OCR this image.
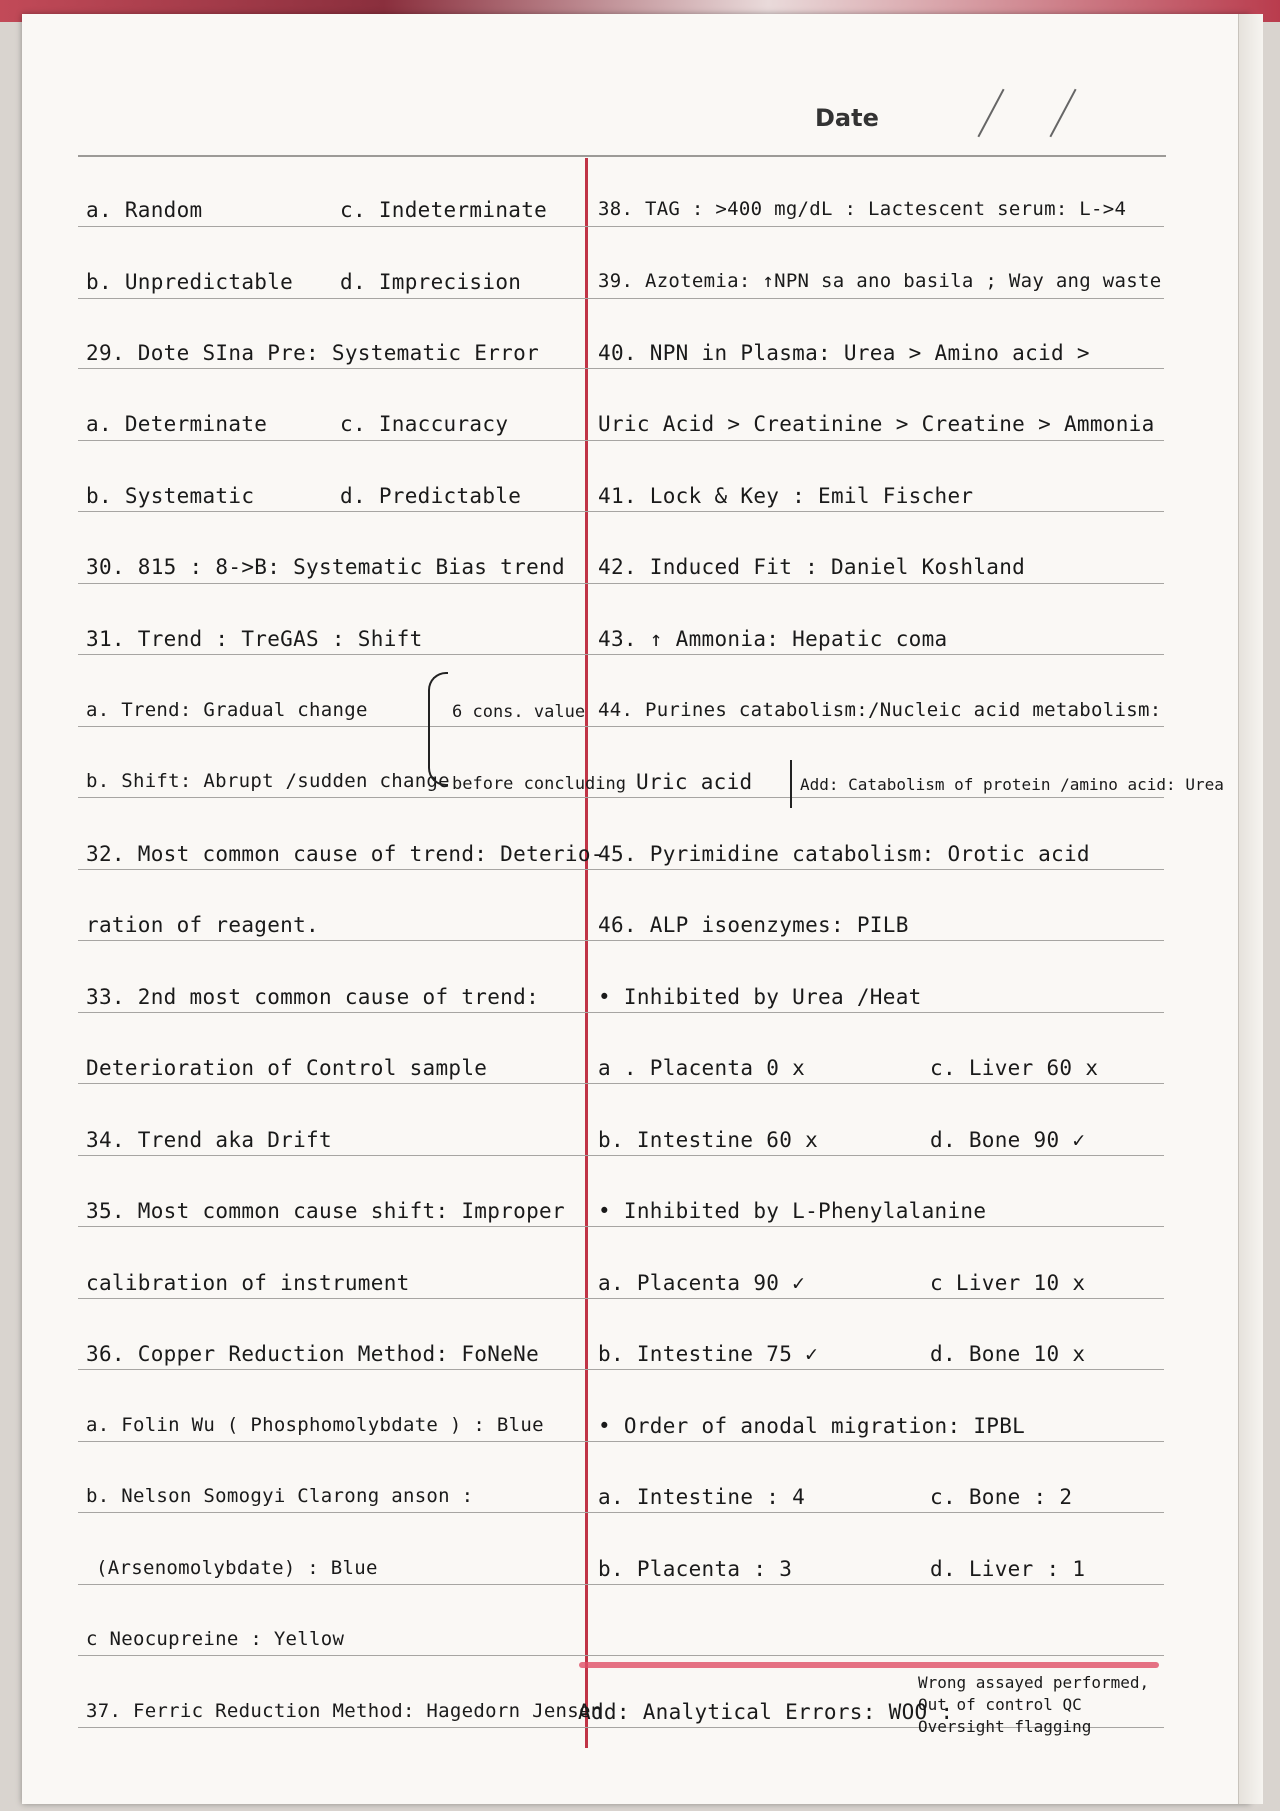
Date
a. Random	c. Indeterminate
b. Unpredictable d. Imprecision
29. Dote SIna Pre: Systematic Error
a. Determinate	c. Inaccuracy
b. Systematic	d. Predictable
30. 815 : 8->B: Systematic Bias trend
31. Trend : TreGAS : Shift
a. Trend: Gradual change
b. Shift: Abrupt /sudden change
32. Most common cause of trend: Deterio-
ration of reagent.
33. 2nd most common cause of trend:
Deterioration of Control sample
34. Trend aka Drift
35. Most common cause shift: Improper
calibration of instrument
36. Copper Reduction Method: FoNeNe
a. Folin Wu ( Phosphomolybdate ) : Blue
b. Nelson Somogyi Clarong anson :
(Arsenomolybdate) : Blue
c Neocupreine : Yellow
37. Ferric Reduction Method: Hagedorn Jensen
6 cons. value
before concluding
38. TAG : >400 mg/dL : Lactescent serum: L->4
39. Azotemia: ↑NPN sa ano basila ; Way ang waste
40. NPN in Plasma: Urea > Amino acid >
Uric Acid > Creatinine > Creatine > Ammonia
41. Lock & Key : Emil Fischer
42. Induced Fit : Daniel Koshland
43. ↑ Ammonia: Hepatic coma
44. Purines catabolism:/Nucleic acid metabolism:
Uric acid	Add: Catabolism of protein /amino acid: Urea
45. Pyrimidine catabolism: Orotic acid
46. ALP isoenzymes: PILB
• Inhibited by Urea /Heat
a . Placenta 0 x	c. Liver 60 x
b. Intestine 60 x	d. Bone 90 ✓
• Inhibited by L-Phenylalanine
a. Placenta 90 ✓	c Liver 10 x
b. Intestine 75 ✓	d. Bone 10 x
• Order of anodal migration: IPBL
a. Intestine : 4	c. Bone : 2
b. Placenta : 3	d. Liver : 1
Add: Analytical Errors: WOO :
Wrong assayed performed,
Out of control QC
Oversight flagging
